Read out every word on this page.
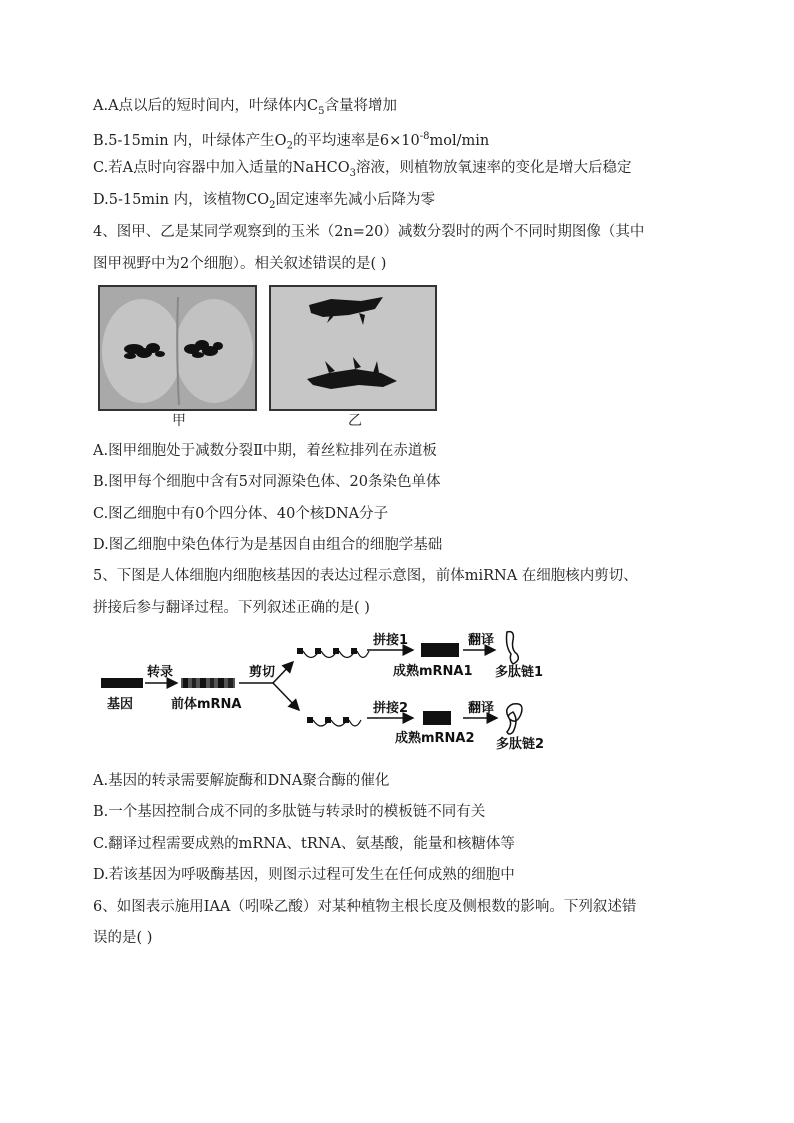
A.A点以后的短时间内，叶绿体内$C_5$含量将增加
B.5-15min 内，叶绿体产生$O_2$的平均速率是$6\times 10^{-8}mol/\min$
C.若A点时向容器中加入适量的NaHCO$_3$溶液，则植物放氧速率的变化是增大后稳定
D.5-15min 内，该植物$CO_2$固定速率先减小后降为零
4、图甲、乙是某同学观察到的玉米（2n=20）减数分裂时的两个不同时期图像（其中
图甲视野中为2个细胞）。相关叙述错误的是( )
甲	乙
A.图甲细胞处于减数分裂Ⅱ中期，着丝粒排列在赤道板
B.图甲每个细胞中含有5对同源染色体、20条染色单体
C.图乙细胞中有0个四分体、40个核DNA分子
D.图乙细胞中染色体行为是基因自由组合的细胞学基础
5、下图是人体细胞内细胞核基因的表达过程示意图，前体miRNA 在细胞核内剪切、
拼接后参与翻译过程。下列叙述正确的是( )
基因
转录
前体mRNA
剪切
拼接1
成熟mRNA1
翻译
多肽链1
拼接2
成熟mRNA2
翻译
多肽链2
A.基因的转录需要解旋酶和DNA聚合酶的催化
B.一个基因控制合成不同的多肽链与转录时的模板链不同有关
C.翻译过程需要成熟的mRNA、tRNA、氨基酸，能量和核糖体等
D.若该基因为呼吸酶基因，则图示过程可发生在任何成熟的细胞中
6、如图表示施用IAA（吲哚乙酸）对某种植物主根长度及侧根数的影响。下列叙述错
误的是( )
